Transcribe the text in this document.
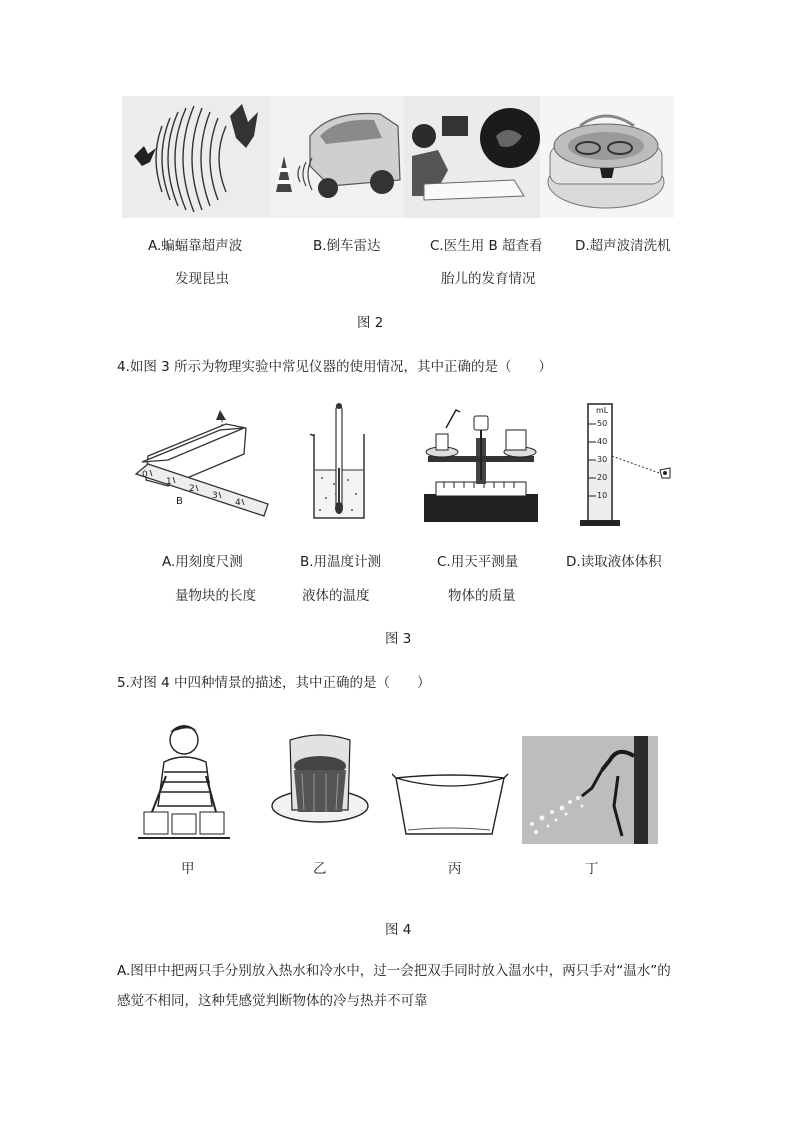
A.蝙蝠靠超声波
发现昆虫
B.倒车雷达	C.医生用 B 超查看
胎儿的发育情况
D.超声波清洗机
图 2
4.如图 3 所示为物理实验中常见仪器的使用情况，其中正确的是（　　）
0
1
2
3
4
B
mL
50
40
30
20
10
A.用刻度尺测
量物块的长度
B.用温度计测
液体的温度
C.用天平测量
物体的质量
D.读取液体体积
图 3
5.对图 4 中四种情景的描述，其中正确的是（　　）
甲	乙	丙	丁
图 4
A.图甲中把两只手分别放入热水和冷水中，过一会把双手同时放入温水中，两只手对“温水”的感觉不相同，这种凭感觉判断物体的冷与热并不可靠
